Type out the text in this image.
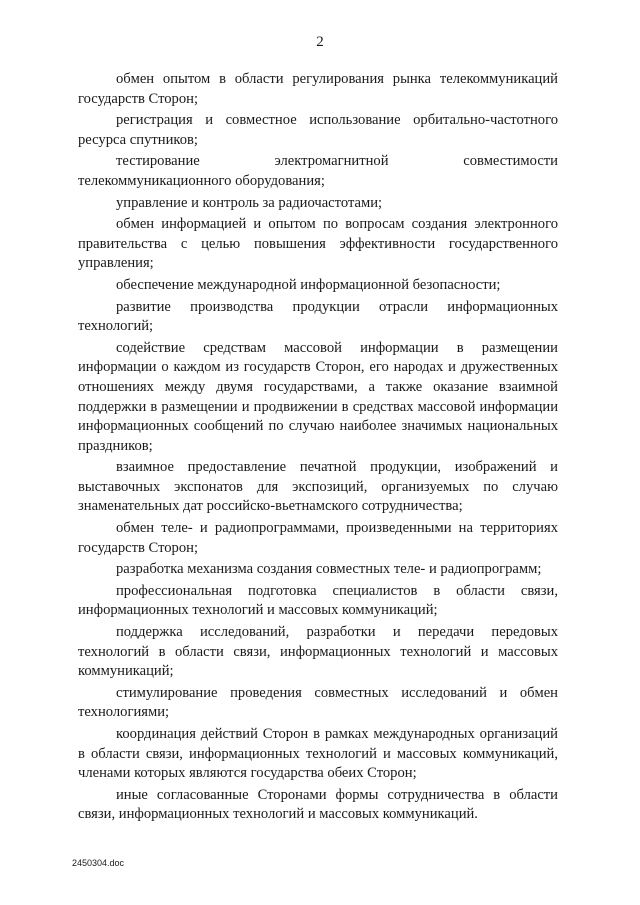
2

обмен опытом в области регулирования рынка телекоммуникаций государств Сторон;

регистрация и совместное использование орбитально-частотного ресурса спутников;

тестирование электромагнитной совместимости телекоммуникационного оборудования;

управление и контроль за радиочастотами;

обмен информацией и опытом по вопросам создания электронного правительства с целью повышения эффективности государственного управления;

обеспечение международной информационной безопасности;

развитие производства продукции отрасли информационных технологий;

содействие средствам массовой информации в размещении информации о каждом из государств Сторон, его народах и дружественных отношениях между двумя государствами, а также оказание взаимной поддержки в размещении и продвижении в средствах массовой информации информационных сообщений по случаю наиболее значимых национальных праздников;

взаимное предоставление печатной продукции, изображений и выставочных экспонатов для экспозиций, организуемых по случаю знаменательных дат российско-вьетнамского сотрудничества;

обмен теле- и радиопрограммами, произведенными на территориях государств Сторон;

разработка механизма создания совместных теле- и радиопрограмм;

профессиональная подготовка специалистов в области связи, информационных технологий и массовых коммуникаций;

поддержка исследований, разработки и передачи передовых технологий в области связи, информационных технологий и массовых коммуникаций;

стимулирование проведения совместных исследований и обмен технологиями;

координация действий Сторон в рамках международных организаций в области связи, информационных технологий и массовых коммуникаций, членами которых являются государства обеих Сторон;

иные согласованные Сторонами формы сотрудничества в области связи, информационных технологий и массовых коммуникаций.

2450304.doc
